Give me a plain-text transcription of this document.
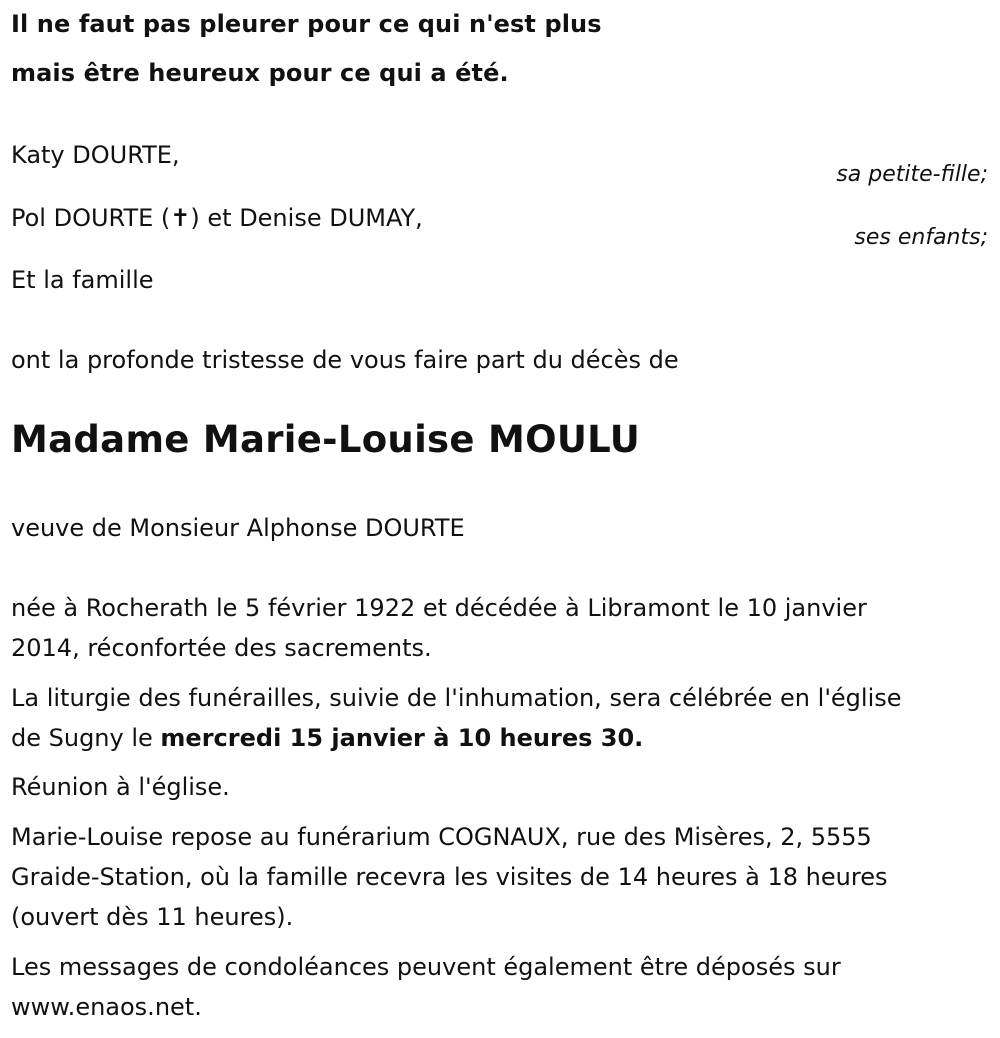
Il ne faut pas pleurer pour ce qui n'est plus
mais être heureux pour ce qui a été.
Katy DOURTE,
sa petite-fille;
Pol DOURTE (✝) et Denise DUMAY,
ses enfants;
Et la famille
ont la profonde tristesse de vous faire part du décès de
Madame Marie-Louise MOULU
veuve de Monsieur Alphonse DOURTE
née à Rocherath le 5 février 1922 et décédée à Libramont le 10 janvier
2014, réconfortée des sacrements.
La liturgie des funérailles, suivie de l'inhumation, sera célébrée en l'église
de Sugny le mercredi 15 janvier à 10 heures 30.
Réunion à l'église.
Marie-Louise repose au funérarium COGNAUX, rue des Misères, 2, 5555
Graide-Station, où la famille recevra les visites de 14 heures à 18 heures
(ouvert dès 11 heures).
Les messages de condoléances peuvent également être déposés sur
www.enaos.net.
